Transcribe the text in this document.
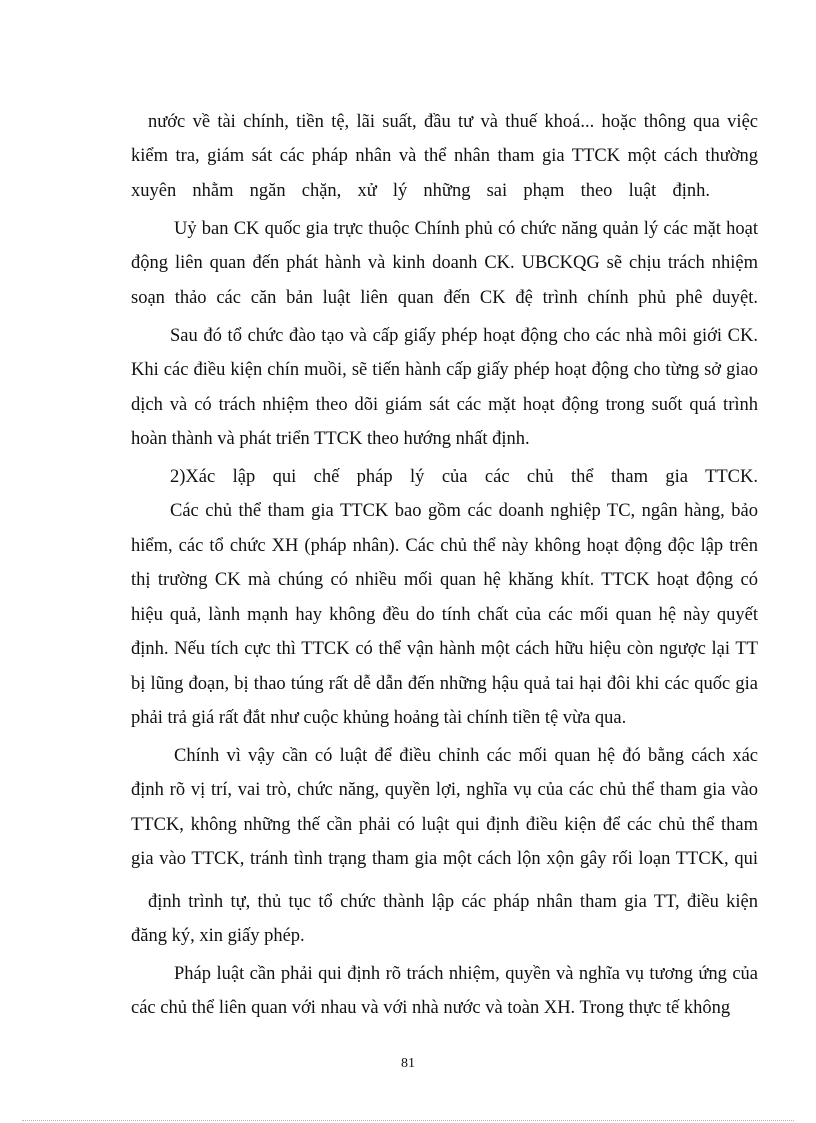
nước về tài chính, tiền tệ, lãi suất, đầu tư và thuế khoá... hoặc thông qua việc
kiểm tra, giám sát các pháp nhân và thể nhân tham gia TTCK một cách thường
xuyên nhằm ngăn chặn, xử lý những sai phạm theo luật định.
Uỷ ban CK quốc gia trực thuộc Chính phủ có chức năng quản lý các mặt hoạt
động liên quan đến phát hành và kinh doanh CK. UBCKQG sẽ chịu trách nhiệm
soạn thảo các căn bản luật liên quan đến CK đệ trình chính phủ phê duyệt.
Sau đó tổ chức đào tạo và cấp giấy phép hoạt động cho các nhà môi giới CK.
Khi các điều kiện chín muồi, sẽ tiến hành cấp giấy phép hoạt động cho từng sở giao
dịch và có trách nhiệm theo dõi giám sát các mặt hoạt động trong suốt quá trình
hoàn thành và phát triển TTCK theo hướng nhất định.
2)Xác lập qui chế pháp lý của các chủ thể tham gia TTCK.
Các chủ thể tham gia TTCK bao gồm các doanh nghiệp TC, ngân hàng, bảo
hiểm, các tổ chức XH (pháp nhân). Các chủ thể này không hoạt động độc lập trên
thị trường CK mà chúng có nhiều mối quan hệ khăng khít. TTCK hoạt động có
hiệu quả, lành mạnh hay không đều do tính chất của các mối quan hệ này quyết
định. Nếu tích cực thì TTCK có thể vận hành một cách hữu hiệu còn ngược lại TT
bị lũng đoạn, bị thao túng rất dễ dẫn đến những hậu quả tai hại đôi khi các quốc gia
phải trả giá rất đắt như cuộc khủng hoảng tài chính tiền tệ vừa qua.
Chính vì vậy cần có luật để điều chỉnh các mối quan hệ đó bằng cách xác
định rõ vị trí, vai trò, chức năng, quyền lợi, nghĩa vụ của các chủ thể tham gia vào
TTCK, không những thế cần phải có luật qui định điều kiện để các chủ thể tham
gia vào TTCK, tránh tình trạng tham gia một cách lộn xộn gây rối loạn TTCK, qui
định trình tự, thủ tục tổ chức thành lập các pháp nhân tham gia TT, điều kiện
đăng ký, xin giấy phép.
Pháp luật cần phải qui định rõ trách nhiệm, quyền và nghĩa vụ tương ứng của
các chủ thể liên quan với nhau và với nhà nước và toàn XH. Trong thực tế không
81
